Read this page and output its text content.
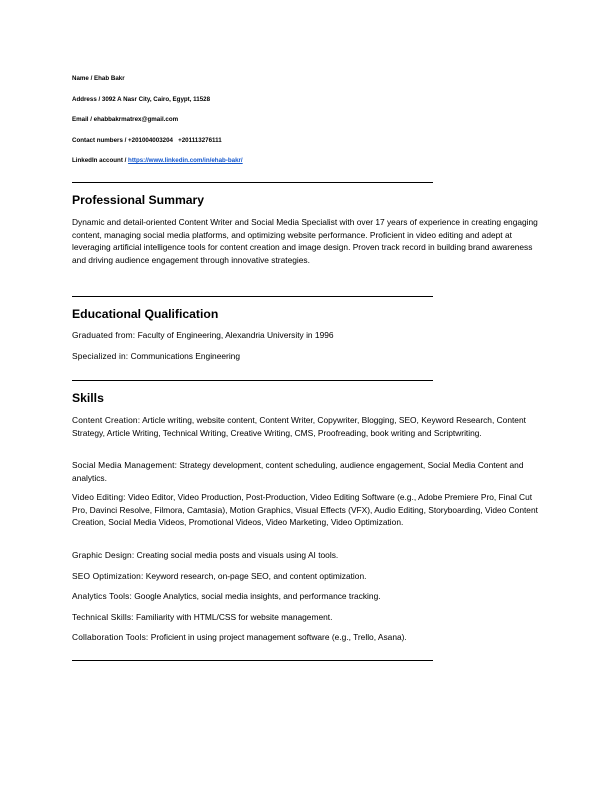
Name / Ehab Bakr
Address / 3092 A Nasr City, Cairo, Egypt, 11528
Email / ehabbakrmatrex@gmail.com
Contact numbers / +201004003204   +201113276111
LinkedIn account / https://www.linkedin.com/in/ehab-bakr/
Professional Summary

Dynamic and detail-oriented Content Writer and Social Media Specialist with over 17 years of experience in creating engaging content, managing social media platforms, and optimizing website performance. Proficient in video editing and adept at leveraging artificial intelligence tools for content creation and image design. Proven track record in building brand awareness and driving audience engagement through innovative strategies.

Educational Qualification

Graduated from: Faculty of Engineering, Alexandria University in 1996

Specialized in: Communications Engineering

Skills

Content Creation: Article writing, website content, Content Writer, Copywriter, Blogging, SEO, Keyword Research, Content Strategy, Article Writing, Technical Writing, Creative Writing, CMS, Proofreading, book writing and Scriptwriting.

Social Media Management: Strategy development, content scheduling, audience engagement, Social Media Content and analytics.

Video Editing: Video Editor, Video Production, Post-Production, Video Editing Software (e.g., Adobe Premiere Pro, Final Cut Pro, Davinci Resolve, Filmora, Camtasia), Motion Graphics, Visual Effects (VFX), Audio Editing, Storyboarding, Video Content Creation, Social Media Videos, Promotional Videos, Video Marketing, Video Optimization.

Graphic Design: Creating social media posts and visuals using AI tools.

SEO Optimization: Keyword research, on-page SEO, and content optimization.

Analytics Tools: Google Analytics, social media insights, and performance tracking.

Technical Skills: Familiarity with HTML/CSS for website management.

Collaboration Tools: Proficient in using project management software (e.g., Trello, Asana).
